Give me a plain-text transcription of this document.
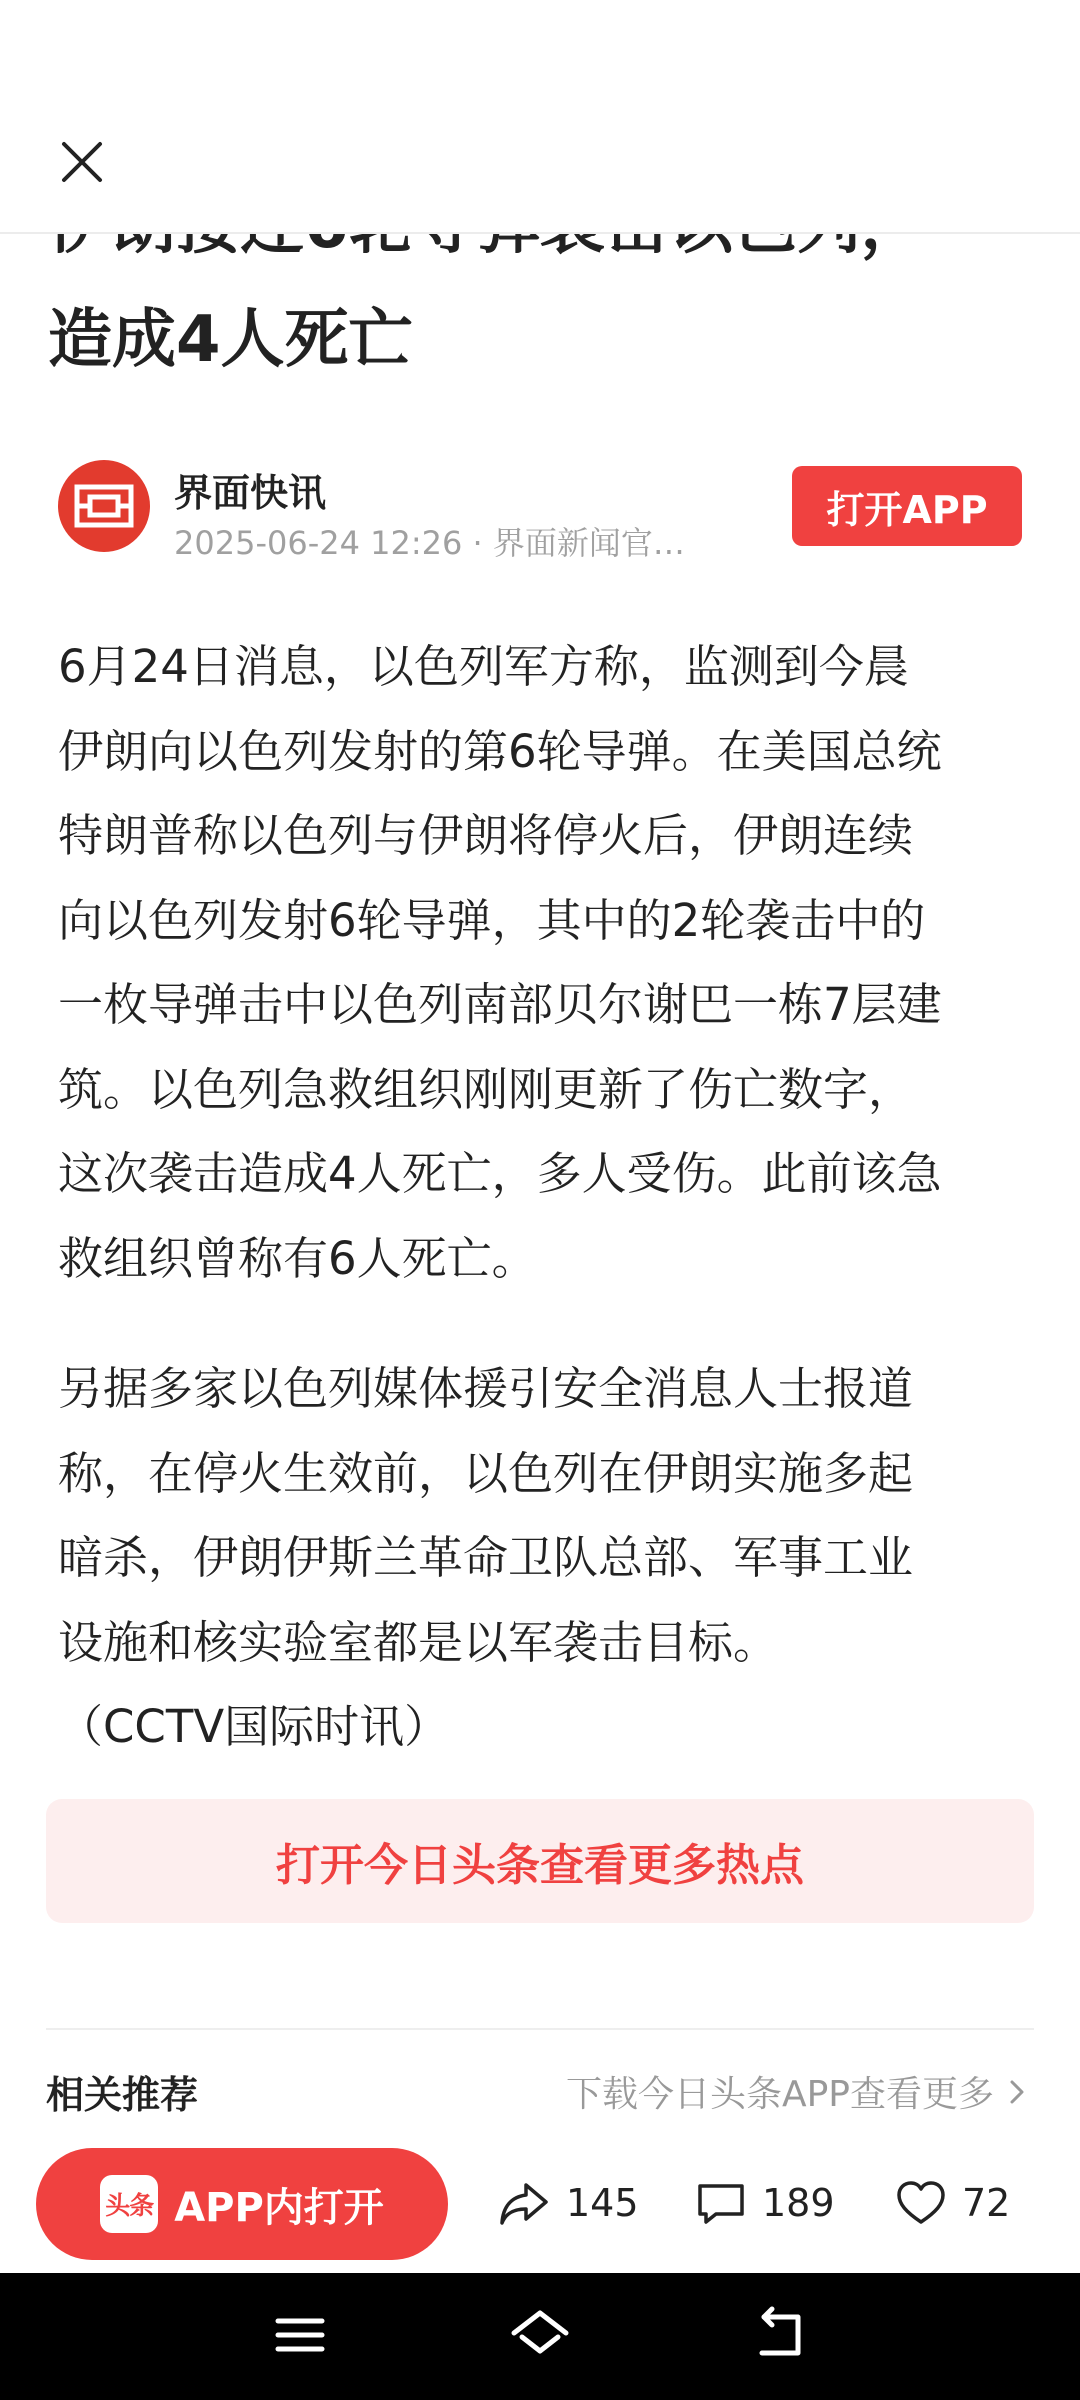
造成4人死亡
界面快讯
2025-06-24 12:26 · 界面新闻官…
打开APP

6月24日消息，以色列军方称，监测到今晨
伊朗向以色列发射的第6轮导弹。在美国总统
特朗普称以色列与伊朗将停火后，伊朗连续
向以色列发射6轮导弹，其中的2轮袭击中的
一枚导弹击中以色列南部贝尔谢巴一栋7层建
筑。以色列急救组织刚刚更新了伤亡数字，
这次袭击造成4人死亡，多人受伤。此前该急
救组织曾称有6人死亡。

另据多家以色列媒体援引安全消息人士报道
称，在停火生效前，以色列在伊朗实施多起
暗杀，伊朗伊斯兰革命卫队总部、军事工业
设施和核实验室都是以军袭击目标。
（CCTV国际时讯）

打开今日头条查看更多热点
相关推荐	下载今日头条APP查看更多
头条 APP内打开	145	189	72
